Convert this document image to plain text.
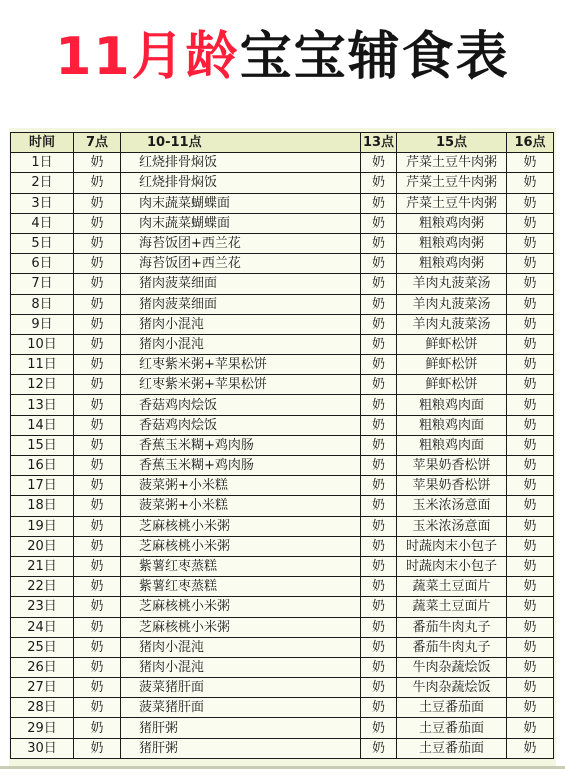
11月龄宝宝辅食表
时间	7点	10-11点	13点	15点	16点
1日	奶	红烧排骨焖饭	奶	芹菜土豆牛肉粥	奶
2日	奶	红烧排骨焖饭	奶	芹菜土豆牛肉粥	奶
3日	奶	肉末蔬菜蝴蝶面	奶	芹菜土豆牛肉粥	奶
4日	奶	肉末蔬菜蝴蝶面	奶	粗粮鸡肉粥	奶
5日	奶	海苔饭团+西兰花	奶	粗粮鸡肉粥	奶
6日	奶	海苔饭团+西兰花	奶	粗粮鸡肉粥	奶
7日	奶	猪肉菠菜细面	奶	羊肉丸菠菜汤	奶
8日	奶	猪肉菠菜细面	奶	羊肉丸菠菜汤	奶
9日	奶	猪肉小混沌	奶	羊肉丸菠菜汤	奶
10日	奶	猪肉小混沌	奶	鲜虾松饼	奶
11日	奶	红枣紫米粥+苹果松饼	奶	鲜虾松饼	奶
12日	奶	红枣紫米粥+苹果松饼	奶	鲜虾松饼	奶
13日	奶	香菇鸡肉烩饭	奶	粗粮鸡肉面	奶
14日	奶	香菇鸡肉烩饭	奶	粗粮鸡肉面	奶
15日	奶	香蕉玉米糊+鸡肉肠	奶	粗粮鸡肉面	奶
16日	奶	香蕉玉米糊+鸡肉肠	奶	苹果奶香松饼	奶
17日	奶	菠菜粥+小米糕	奶	苹果奶香松饼	奶
18日	奶	菠菜粥+小米糕	奶	玉米浓汤意面	奶
19日	奶	芝麻核桃小米粥	奶	玉米浓汤意面	奶
20日	奶	芝麻核桃小米粥	奶	时蔬肉末小包子	奶
21日	奶	紫薯红枣蒸糕	奶	时蔬肉末小包子	奶
22日	奶	紫薯红枣蒸糕	奶	蔬菜土豆面片	奶
23日	奶	芝麻核桃小米粥	奶	蔬菜土豆面片	奶
24日	奶	芝麻核桃小米粥	奶	番茄牛肉丸子	奶
25日	奶	猪肉小混沌	奶	番茄牛肉丸子	奶
26日	奶	猪肉小混沌	奶	牛肉杂蔬烩饭	奶
27日	奶	菠菜猪肝面	奶	牛肉杂蔬烩饭	奶
28日	奶	菠菜猪肝面	奶	土豆番茄面	奶
29日	奶	猪肝粥	奶	土豆番茄面	奶
30日	奶	猪肝粥	奶	土豆番茄面	奶
